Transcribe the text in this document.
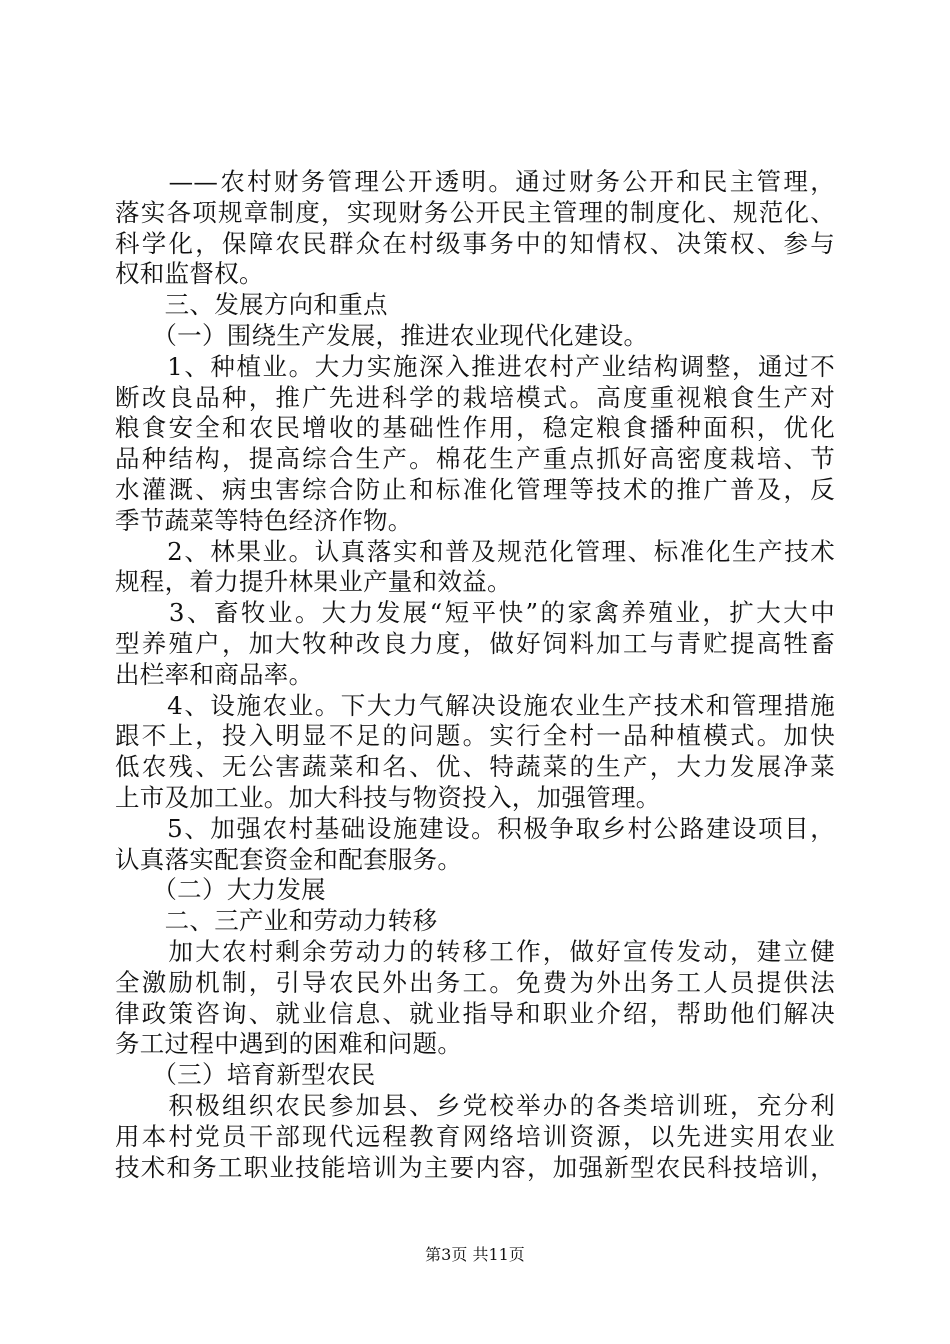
　　——农村财务管理公开透明。通过财务公开和民主管理，
落实各项规章制度，实现财务公开民主管理的制度化、规范化、
科学化，保障农民群众在村级事务中的知情权、决策权、参与
权和监督权。
　　三、发展方向和重点
　　（一）围绕生产发展，推进农业现代化建设。
　　1、种植业。大力实施深入推进农村产业结构调整，通过不
断改良品种，推广先进科学的栽培模式。高度重视粮食生产对
粮食安全和农民增收的基础性作用，稳定粮食播种面积，优化
品种结构，提高综合生产。棉花生产重点抓好高密度栽培、节
水灌溉、病虫害综合防止和标准化管理等技术的推广普及，反
季节蔬菜等特色经济作物。
　　2、林果业。认真落实和普及规范化管理、标准化生产技术
规程，着力提升林果业产量和效益。
　　3、畜牧业。大力发展“短平快”的家禽养殖业，扩大大中
型养殖户，加大牧种改良力度，做好饲料加工与青贮提高牲畜
出栏率和商品率。
　　4、设施农业。下大力气解决设施农业生产技术和管理措施
跟不上，投入明显不足的问题。实行全村一品种植模式。加快
低农残、无公害蔬菜和名、优、特蔬菜的生产，大力发展净菜
上市及加工业。加大科技与物资投入，加强管理。
　　5、加强农村基础设施建设。积极争取乡村公路建设项目，
认真落实配套资金和配套服务。
　　（二）大力发展
　　二、三产业和劳动力转移
　　加大农村剩余劳动力的转移工作，做好宣传发动，建立健
全激励机制，引导农民外出务工。免费为外出务工人员提供法
律政策咨询、就业信息、就业指导和职业介绍，帮助他们解决
务工过程中遇到的困难和问题。
　　（三）培育新型农民
　　积极组织农民参加县、乡党校举办的各类培训班，充分利
用本村党员干部现代远程教育网络培训资源，以先进实用农业
技术和务工职业技能培训为主要内容，加强新型农民科技培训，
第3页 共11页
